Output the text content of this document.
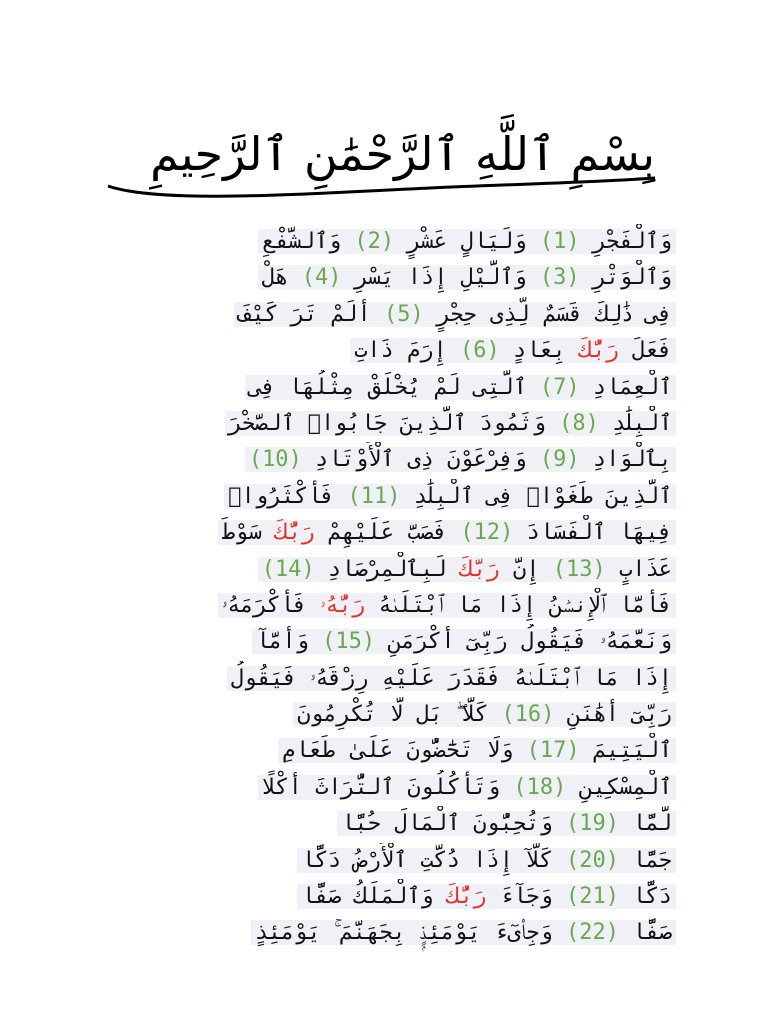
بِسْمِ ٱللَّهِ ٱلرَّحْمَٰنِ ٱلرَّحِيمِ
وَٱلْفَجْرِ (1) وَلَيَالٍ عَشْرٍ (2) وَٱلشَّفْعِ
وَٱلْوَتْرِ (3) وَٱلَّيْلِ إِذَا يَسْرِ (4) هَلْ
فِى ذَٰلِكَ قَسَمٌ لِّذِى حِجْرٍ (5) أَلَمْ تَرَ كَيْفَ
فَعَلَ رَبُّكَ بِعَادٍ (6) إِرَمَ ذَاتِ
ٱلْعِمَادِ (7) ٱلَّتِى لَمْ يُخْلَقْ مِثْلُهَا فِى
ٱلْبِلَٰدِ (8) وَثَمُودَ ٱلَّذِينَ جَابُوا۟ ٱلصَّخْرَ
بِٱلْوَادِ (9) وَفِرْعَوْنَ ذِى ٱلْأَوْتَادِ (10)
ٱلَّذِينَ طَغَوْا۟ فِى ٱلْبِلَٰدِ (11) فَأَكْثَرُوا۟
فِيهَا ٱلْفَسَادَ (12) فَصَبَّ عَلَيْهِمْ رَبُّكَ سَوْطَ
عَذَابٍ (13) إِنَّ رَبَّكَ لَبِٱلْمِرْصَادِ (14)
فَأَمَّا ٱلْإِنسَٰنُ إِذَا مَا ٱبْتَلَىٰهُ رَبُّهُۥ فَأَكْرَمَهُۥ
وَنَعَّمَهُۥ فَيَقُولُ رَبِّىٓ أَكْرَمَنِ (15) وَأَمَّآ
إِذَا مَا ٱبْتَلَىٰهُ فَقَدَرَ عَلَيْهِ رِزْقَهُۥ فَيَقُولُ
رَبِّىٓ أَهَٰنَنِ (16) كَلَّا ۖ بَل لَّا تُكْرِمُونَ
ٱلْيَتِيمَ (17) وَلَا تَحَٰٓضُّونَ عَلَىٰ طَعَامِ
ٱلْمِسْكِينِ (18) وَتَأْكُلُونَ ٱلتُّرَاثَ أَكْلًا
لَّمًّا (19) وَتُحِبُّونَ ٱلْمَالَ حُبًّا
جَمًّا (20) كَلَّآ إِذَا دُكَّتِ ٱلْأَرْضُ دَكًّا
دَكًّا (21) وَجَآءَ رَبُّكَ وَٱلْمَلَكُ صَفًّا
صَفًّا (22) وَجِا۟ىٓءَ يَوْمَئِذٍۭ بِجَهَنَّمَ ۚ يَوْمَئِذٍ
